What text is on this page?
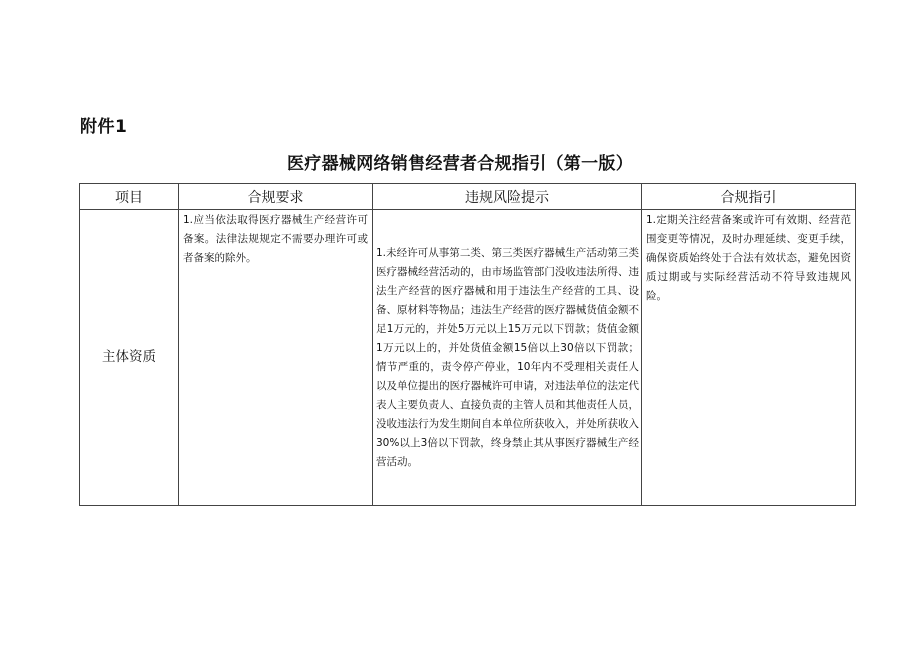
附件1
医疗器械网络销售经营者合规指引（第一版）
项目	合规要求	违规风险提示	合规指引
主体资质	1.应当依法取得医疗器械生产经营许可备案。法律法规规定不需要办理许可或者备案的除外。	1.未经许可从事第二类、第三类医疗器械生产活动第三类医疗器械经营活动的，由市场监管部门没收违法所得、违法生产经营的医疗器械和用于违法生产经营的工具、设备、原材料等物品；违法生产经营的医疗器械货值金额不足1万元的，并处5万元以上15万元以下罚款；货值金额1万元以上的，并处货值金额15倍以上30倍以下罚款；情节严重的，责令停产停业，10年内不受理相关责任人以及单位提出的医疗器械许可申请，对违法单位的法定代表人主要负责人、直接负责的主管人员和其他责任人员，没收违法行为发生期间自本单位所获收入，并处所获收入30%以上3倍以下罚款，终身禁止其从事医疗器械生产经营活动。	1.定期关注经营备案或许可有效期、经营范围变更等情况，及时办理延续、变更手续，确保资质始终处于合法有效状态，避免因资质过期或与实际经营活动不符导致违规风险。
